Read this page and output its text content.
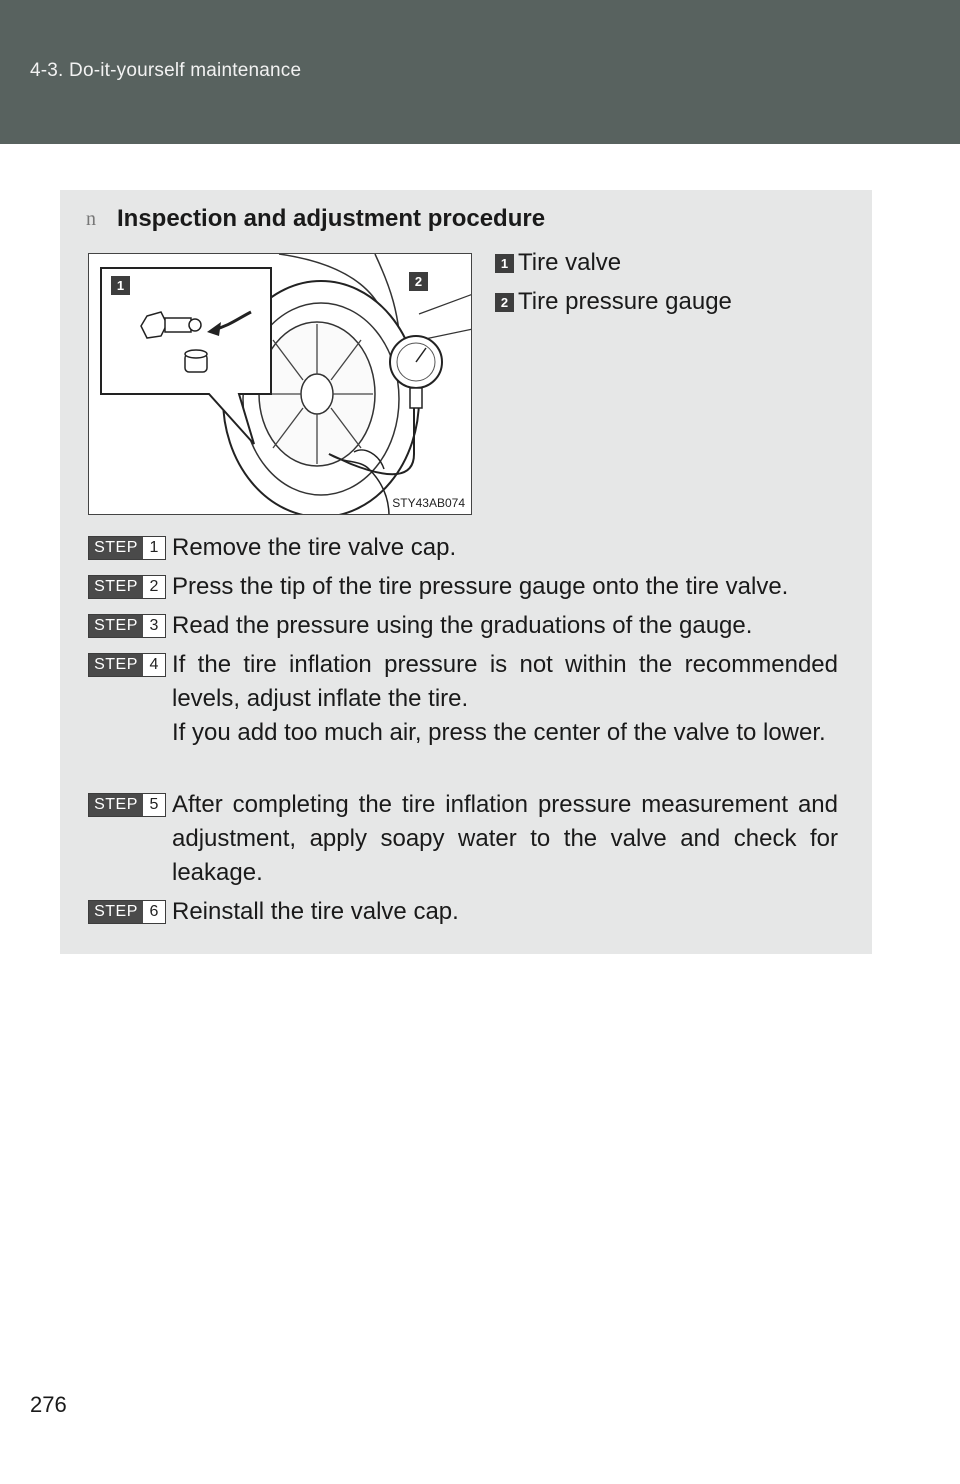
4-3. Do-it-yourself maintenance
n Inspection and adjustment procedure
1	2
STY43AB074
1 Tire valve
2 Tire pressure gauge
STEP 1 Remove the tire valve cap.
STEP 2 Press the tip of the tire pressure gauge onto the tire valve.
STEP 3 Read the pressure using the graduations of the gauge.
STEP 4 If the tire inflation pressure is not within the recommended levels, adjust inflate the tire.
If you add too much air, press the center of the valve to lower.
STEP 5 After completing the tire inflation pressure measurement and adjustment, apply soapy water to the valve and check for leakage.
STEP 6 Reinstall the tire valve cap.
276
